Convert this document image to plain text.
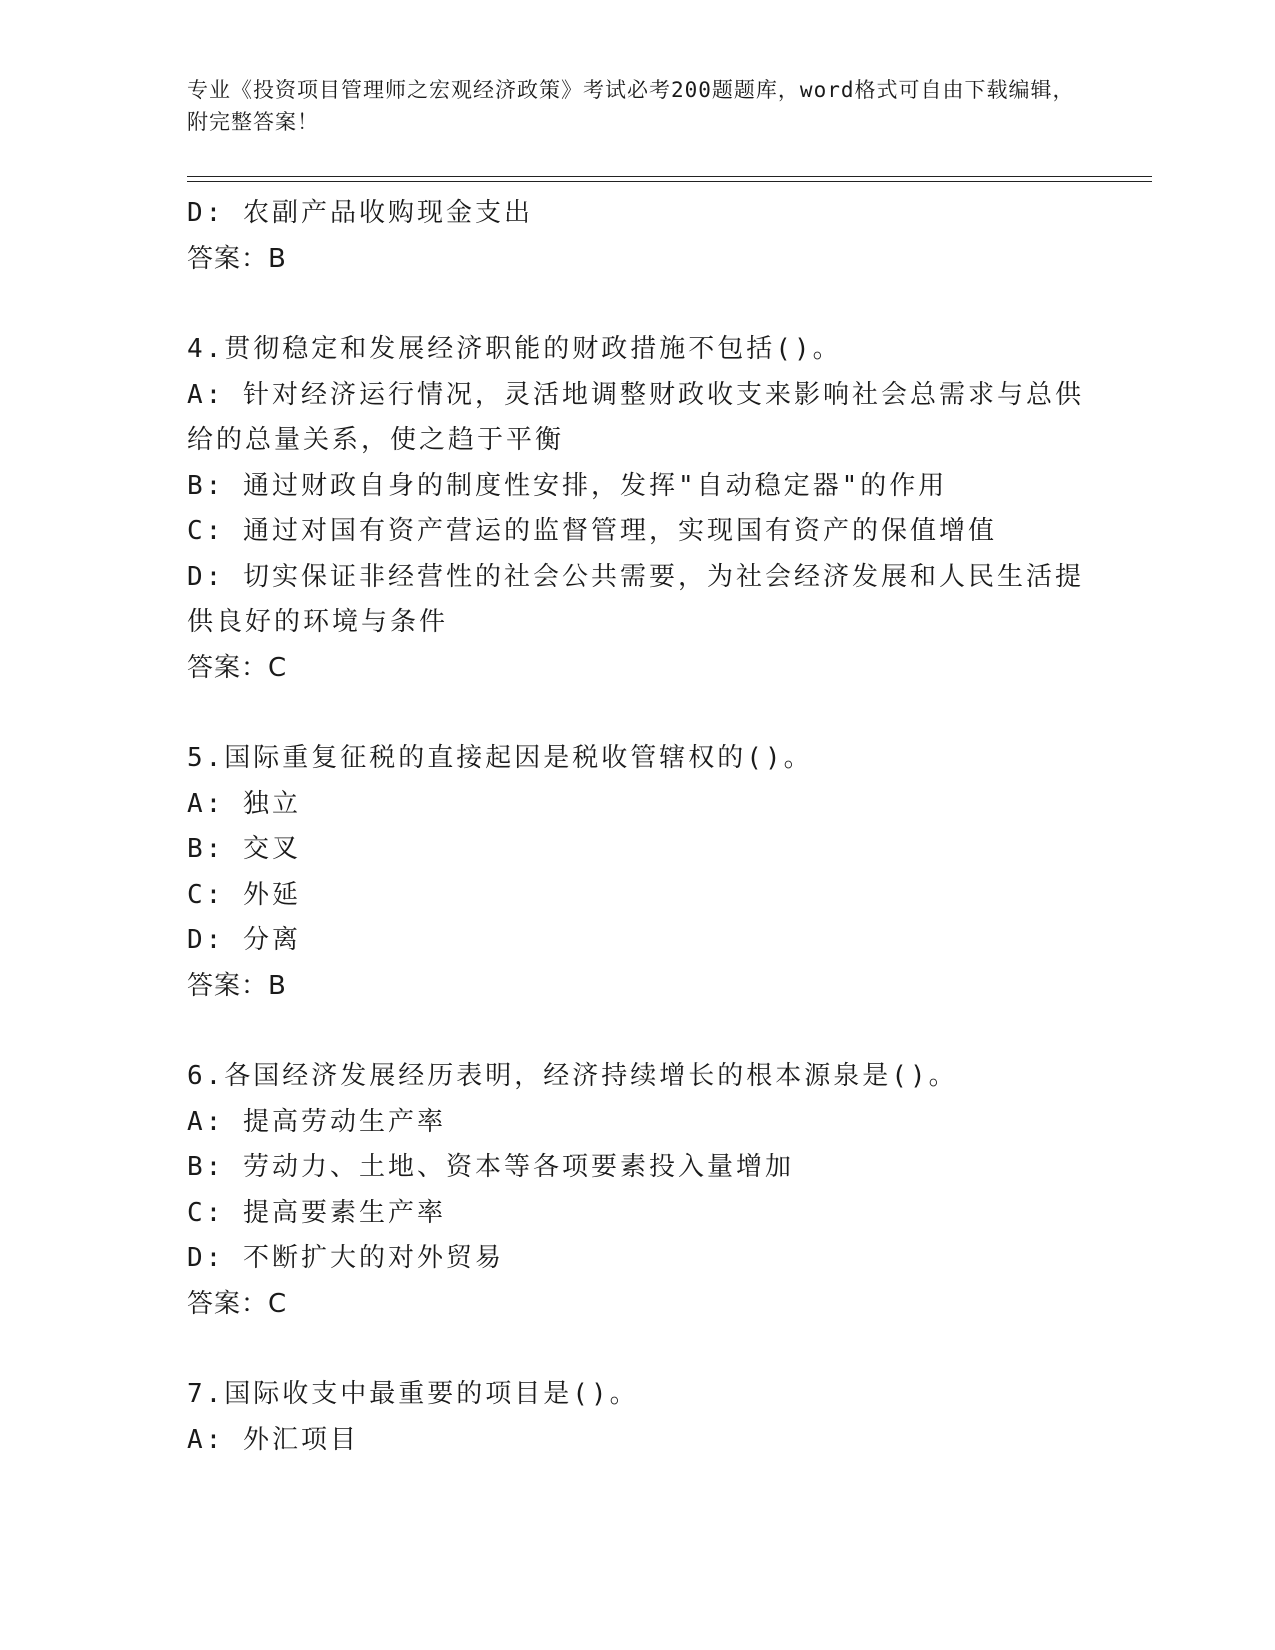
专业《投资项目管理师之宏观经济政策》考试必考200题题库，word格式可自由下载编辑，附完整答案！
D: 农副产品收购现金支出
答案：B
4.贯彻稳定和发展经济职能的财政措施不包括()。
A: 针对经济运行情况，灵活地调整财政收支来影响社会总需求与总供
给的总量关系，使之趋于平衡
B: 通过财政自身的制度性安排，发挥"自动稳定器"的作用
C: 通过对国有资产营运的监督管理，实现国有资产的保值增值
D: 切实保证非经营性的社会公共需要，为社会经济发展和人民生活提
供良好的环境与条件
答案：C
5.国际重复征税的直接起因是税收管辖权的()。
A: 独立
B: 交叉
C: 外延
D: 分离
答案：B
6.各国经济发展经历表明，经济持续增长的根本源泉是()。
A: 提高劳动生产率
B: 劳动力、土地、资本等各项要素投入量增加
C: 提高要素生产率
D: 不断扩大的对外贸易
答案：C
7.国际收支中最重要的项目是()。
A: 外汇项目
